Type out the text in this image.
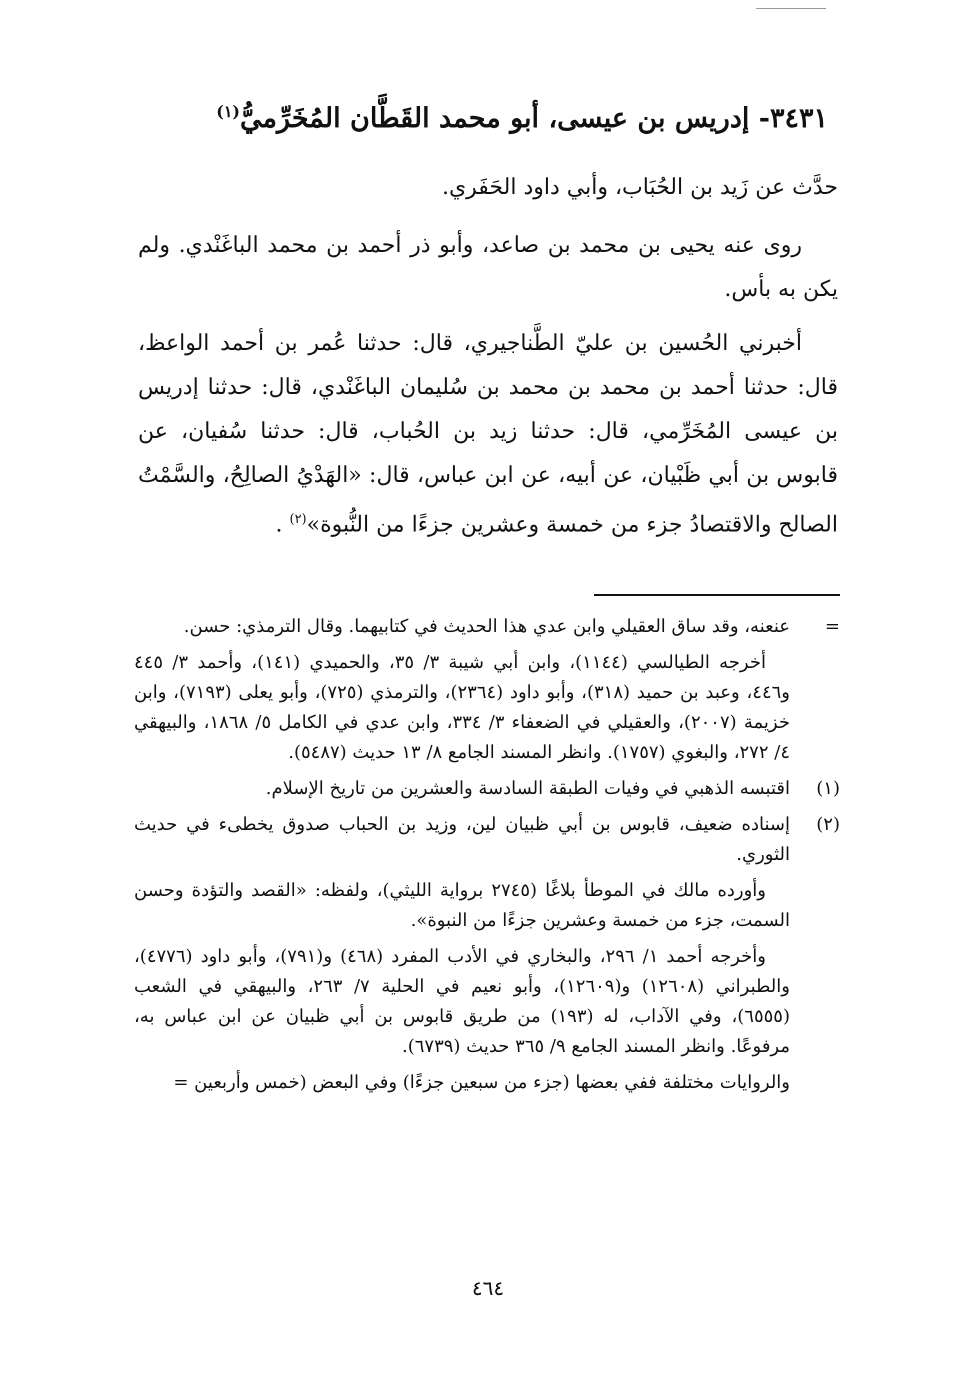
٣٤٣١- إدريس بن عيسى، أبو محمد القَطَّان المُخَرِّميُّ$^{(١)}$
حدَّث عن زَيد بن الحُبَاب، وأبي داود الحَفَري.
روى عنه يحيى بن محمد بن صاعد، وأبو ذر أحمد بن محمد الباغَنْدي. ولم يكن به بأس.
أخبرني الحُسين بن عليّ الطَّناجيري، قال: حدثنا عُمر بن أحمد الواعظ، قال: حدثنا أحمد بن محمد بن محمد بن سُليمان الباغَنْدي، قال: حدثنا إدريس بن عيسى المُخَرِّمي، قال: حدثنا زيد بن الحُباب، قال: حدثنا سُفيان، عن قابوس بن أبي ظَبْيان، عن أبيه، عن ابن عباس، قال: «الهَدْيُ الصالِحُ، والسَّمْتُ الصالح والاقتصادُ جزء من خمسة وعشرين جزءًا من النُّبوة»$^{(٢)}$ .
=
عنعنه، وقد ساق العقيلي وابن عدي هذا الحديث في كتابيهما. وقال الترمذي: حسن.

أخرجه الطيالسي (١١٤٤)، وابن أبي شيبة ٣/ ٣٥، والحميدي (١٤١)، وأحمد ٣/ ٤٤٥ و٤٤٦، وعبد بن حميد (٣١٨)، وأبو داود (٢٣٦٤)، والترمذي (٧٢٥)، وأبو يعلى (٧١٩٣)، وابن خزيمة (٢٠٠٧)، والعقيلي في الضعفاء ٣/ ٣٣٤، وابن عدي في الكامل ٥/ ١٨٦٨، والبيهقي ٤/ ٢٧٢، والبغوي (١٧٥٧). وانظر المسند الجامع ٨/ ١٣ حديث (٥٤٨٧).

(١)
اقتبسه الذهبي في وفيات الطبقة السادسة والعشرين من تاريخ الإسلام.
(٢)
إسناده ضعيف، قابوس بن أبي ظبيان لين، وزيد بن الحباب صدوق يخطىء في حديث الثوري.

وأورده مالك في الموطأ بلاغًا (٢٧٤٥ برواية الليثي)، ولفظه: «القصد والتؤدة وحسن السمت، جزء من خمسة وعشرين جزءًا من النبوة».

وأخرجه أحمد ١/ ٢٩٦، والبخاري في الأدب المفرد (٤٦٨) و(٧٩١)، وأبو داود (٤٧٧٦)، والطبراني (١٢٦٠٨) و(١٢٦٠٩)، وأبو نعيم في الحلية ٧/ ٢٦٣، والبيهقي في الشعب (٦٥٥٥)، وفي الآداب، له (١٩٣) من طريق قابوس بن أبي ظبيان عن ابن عباس به، مرفوعًا. وانظر المسند الجامع ٩/ ٣٦٥ حديث (٦٧٣٩).

والروايات مختلفة ففي بعضها (جزء من سبعين جزءًا) وفي البعض (خمس وأربعين =

٤٦٤
